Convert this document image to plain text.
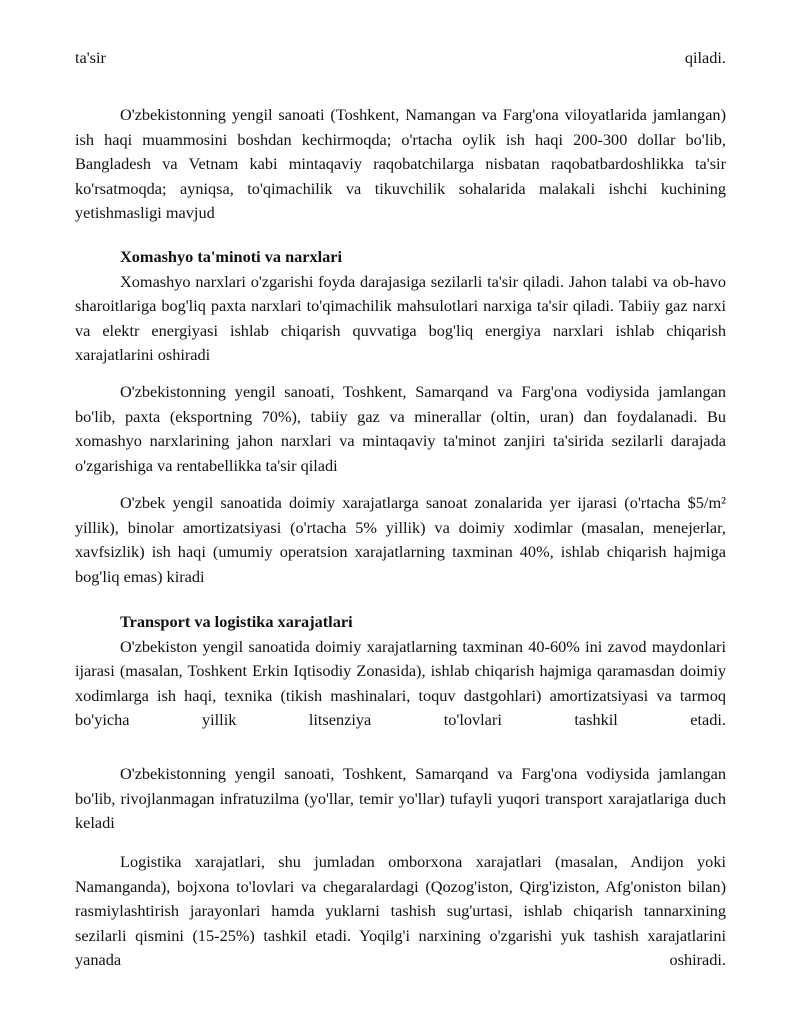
ta'sir	qiladi.

O'zbekistonning yengil sanoati (Toshkent, Namangan va Farg'ona viloyatlarida jamlangan) ish haqi muammosini boshdan kechirmoqda; o'rtacha oylik ish haqi 200-300 dollar bo'lib, Bangladesh va Vetnam kabi mintaqaviy raqobatchilarga nisbatan raqobatbardoshlikka ta'sir ko'rsatmoqda; ayniqsa, to'qimachilik va tikuvchilik sohalarida malakali ishchi kuchining yetishmasligi mavjud

Xomashyo ta'minoti va narxlari

Xomashyo narxlari o'zgarishi foyda darajasiga sezilarli ta'sir qiladi. Jahon talabi va ob-havo sharoitlariga bog'liq paxta narxlari to'qimachilik mahsulotlari narxiga ta'sir qiladi. Tabiiy gaz narxi va elektr energiyasi ishlab chiqarish quvvatiga bog'liq energiya narxlari ishlab chiqarish xarajatlarini oshiradi

O'zbekistonning yengil sanoati, Toshkent, Samarqand va Farg'ona vodiysida jamlangan bo'lib, paxta (eksportning 70%), tabiiy gaz va minerallar (oltin, uran) dan foydalanadi. Bu xomashyo narxlarining jahon narxlari va mintaqaviy ta'minot zanjiri ta'sirida sezilarli darajada o'zgarishiga va rentabellikka ta'sir qiladi

O'zbek yengil sanoatida doimiy xarajatlarga sanoat zonalarida yer ijarasi (o'rtacha $5/m² yillik), binolar amortizatsiyasi (o'rtacha 5% yillik) va doimiy xodimlar (masalan, menejerlar, xavfsizlik) ish haqi (umumiy operatsion xarajatlarning taxminan 40%, ishlab chiqarish hajmiga bog'liq emas) kiradi

Transport va logistika xarajatlari

O'zbekiston yengil sanoatida doimiy xarajatlarning taxminan 40-60% ini zavod maydonlari ijarasi (masalan, Toshkent Erkin Iqtisodiy Zonasida), ishlab chiqarish hajmiga qaramasdan doimiy xodimlarga ish haqi, texnika (tikish mashinalari, toquv dastgohlari) amortizatsiyasi va tarmoq bo'yicha yillik litsenziya to'lovlari tashkil etadi.

O'zbekistonning yengil sanoati, Toshkent, Samarqand va Farg'ona vodiysida jamlangan bo'lib, rivojlanmagan infratuzilma (yo'llar, temir yo'llar) tufayli yuqori transport xarajatlariga duch keladi

Logistika xarajatlari, shu jumladan omborxona xarajatlari (masalan, Andijon yoki Namanganda), bojxona to'lovlari va chegaralardagi (Qozog'iston, Qirg'iziston, Afg'oniston bilan) rasmiylashtirish jarayonlari hamda yuklarni tashish sug'urtasi, ishlab chiqarish tannarxining sezilarli qismini (15-25%) tashkil etadi. Yoqilg'i narxining o'zgarishi yuk tashish xarajatlarini yanada oshiradi.
